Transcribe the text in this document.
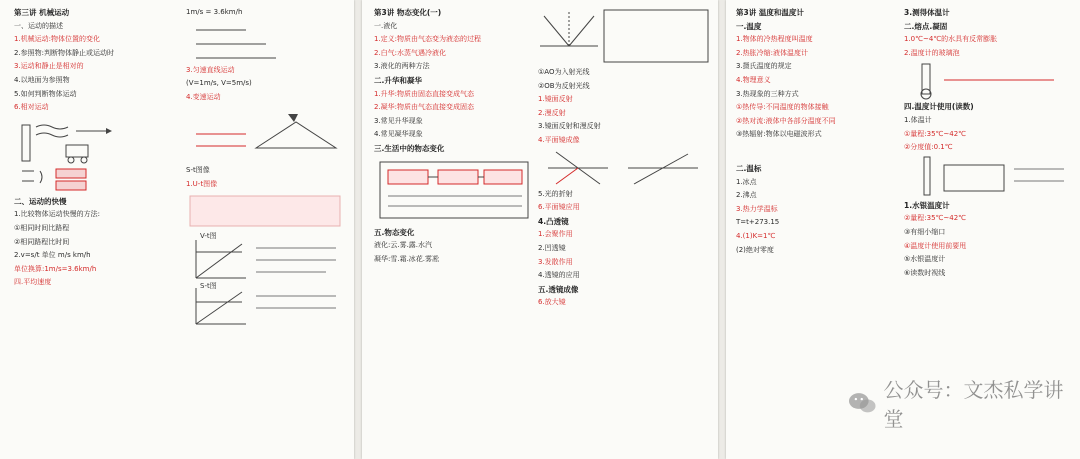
第三讲 机械运动
一、运动的描述
1.机械运动:物体位置的变化
2.参照物:判断物体静止或运动时
3.运动和静止是相对的
4.以地面为参照物
5.如何判断物体运动
6.相对运动
二、运动的快慢
1.比较物体运动快慢的方法:
①相同时间比路程
②相同路程比时间
2.v=s/t 单位 m/s km/h
单位换算:1m/s=3.6km/h
四.平均速度
1m/s = 3.6km/h
3.匀速直线运动
(V=1m/s, V=5m/s)
4.变速运动
S-t图像
1.U-t图像
V-t图
S-t图
第3讲 物态变化(一)
一.液化
1.定义:物质由气态变为液态的过程
2.白气:水蒸气遇冷液化
3.液化的两种方法
二.升华和凝华
1.升华:物质由固态直接变成气态
2.凝华:物质由气态直接变成固态
3.常见升华现象
4.常见凝华现象
三.生活中的物态变化
五.物态变化
液化:云.雾.露.水汽
凝华:雪.霜.冰花.雾凇
①AO为入射光线
②OB为反射光线
1.镜面反射
2.漫反射
3.镜面反射和漫反射
4.平面镜成像
5.光的折射
6.平面镜应用
4.凸透镜
1.会聚作用
2.凹透镜
3.发散作用
4.透镜的应用
五.透镜成像
6.放大镜
第3讲 温度和温度计
一.温度
1.物体的冷热程度叫温度
2.热胀冷缩:液体温度计
3.摄氏温度的规定
4.物理意义
3.热现象的三种方式
①热传导:不同温度的物体接触
②热对流:液体中各部分温度不同
③热辐射:物体以电磁波形式
二.温标
1.冰点
2.沸点
3.热力学温标
T=t+273.15
4.(1)K=1℃
(2)绝对零度
3.测得体温计
二.熔点.凝固
1.0℃~4℃的水具有反常膨胀
2.温度计的玻璃泡
四.温度计使用(读数)
1.体温计
①量程:35℃~42℃
②分度值:0.1℃
1.水银温度计
②量程:35℃~42℃
③有细小缩口
④温度计使用前要甩
⑤水银温度计
⑥读数时视线
公众号：文杰私学讲堂
